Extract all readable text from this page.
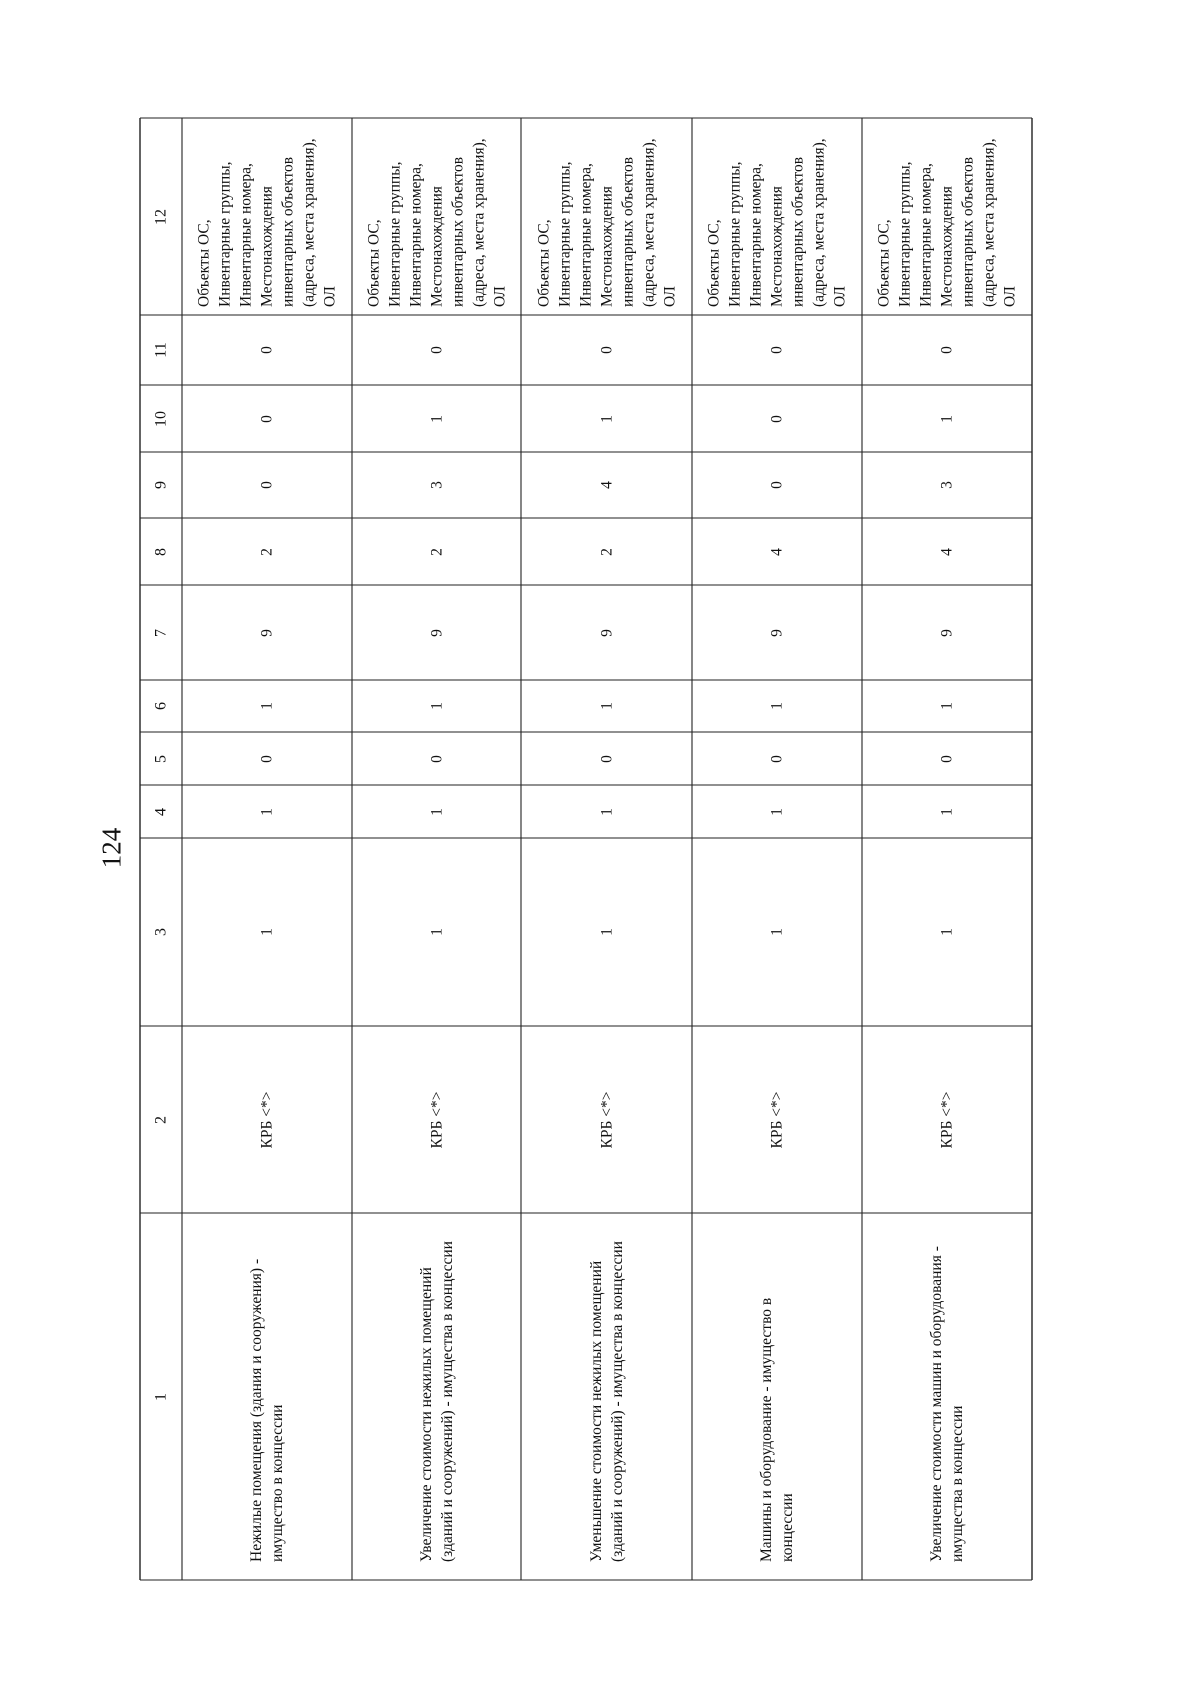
124
1
2
3
4
5
6
7
8
9
10
11
12
Нежилые помещения (здания и сооружения) - имущество в концессии
КРБ <*>
1
1
0
1
9
2
0
0
0
Объекты ОС, Инвентарные группы, Инвентарные номера, Местонахождения инвентарных объектов (адреса, места хранения), ОЛ
Увеличение стоимости нежилых помещений (зданий и сооружений) - имущества в концессии
КРБ <*>
1
1
0
1
9
2
3
1
0
Объекты ОС, Инвентарные группы, Инвентарные номера, Местонахождения инвентарных объектов (адреса, места хранения), ОЛ
Уменьшение стоимости нежилых помещений (зданий и сооружений) - имущества в концессии
КРБ <*>
1
1
0
1
9
2
4
1
0
Объекты ОС, Инвентарные группы, Инвентарные номера, Местонахождения инвентарных объектов (адреса, места хранения), ОЛ
Машины и оборудование - имущество в концессии
КРБ <*>
1
1
0
1
9
4
0
0
0
Объекты ОС, Инвентарные группы, Инвентарные номера, Местонахождения инвентарных объектов (адреса, места хранения), ОЛ
Увеличение стоимости машин и оборудования - имущества в концессии
КРБ <*>
1
1
0
1
9
4
3
1
0
Объекты ОС, Инвентарные группы, Инвентарные номера, Местонахождения инвентарных объектов (адреса, места хранения), ОЛ
